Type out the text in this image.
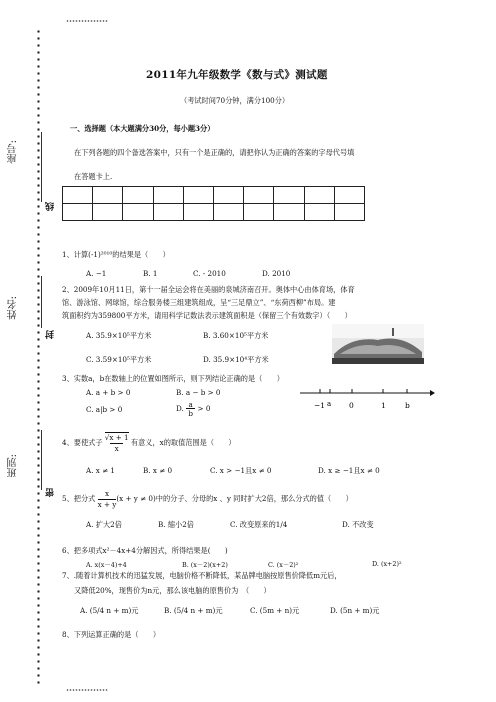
座号:
线
姓名:
封
班别:
密
2011年九年级数学《数与式》测试题
（考试时间70分钟，满分100分）
一、选择题（本大题满分30分，每小题3分）
在下列各题的四个备选答案中，只有一个是正确的，请把你认为正确的答案的字母代号填
在答题卡上.

1、计算(-1)²⁰¹⁰的结果是（　　）
A. −1	B. 1	C. - 2010	D. 2010
2、2009年10月11日，第十一届全运会将在美丽的泉城济南召开。奥体中心由体育场，体育
馆、游泳馆、网球馆，综合服务楼三组建筑组成，呈“三足鼎立”、“东荷西柳”布局。建
筑面积约为359800平方米，请用科学记数法表示建筑面积是（保留三个有效数字）（　　）
A. 35.9×10⁵平方米	B. 3.60×10⁵平方米
C. 3.59×10⁵平方米	D. 35.9×10⁴平方米
3、实数a，b在数轴上的位置如图所示，则下列结论正确的是（　　）
A. a + b > 0	B. a − b > 0
C. a|b > 0	D. a
b  > 0	−1 a 0	1	b
4、要使式子 $\frac{√x + 1}{x}$   有意义，x的取值范围是（　　）
A. x ≠ 1	B. x ≠ 0	C. x > −1且x ≠ 0	D. x ≥ −1且x ≠ 0
5、把分式  x
x + y(x + y ≠ 0)中的分子、分母的x 、y 同时扩大2倍，那么分式的值（　　）
A. 扩大2倍	B. 缩小2倍	C. 改变原来的1/4	D. 不改变
6、把多项式x²－4x+4分解因式，所得结果是(　　)
A. x(x－4)+4	B. (x－2)(x+2)	C. (x－2)²	D. (x+2)²
7、.随着计算机技术的迅猛发展，电脑价格不断降低，某品牌电脑按原售价降低m元后，
又降低20%，现售价为n元，那么该电脑的原售价为　（　　）
A. (5/4 n + m)元	B. (5/4 n + m)元	C. (5m + n)元	D. (5n + m)元
8、下列运算正确的是（　　）
